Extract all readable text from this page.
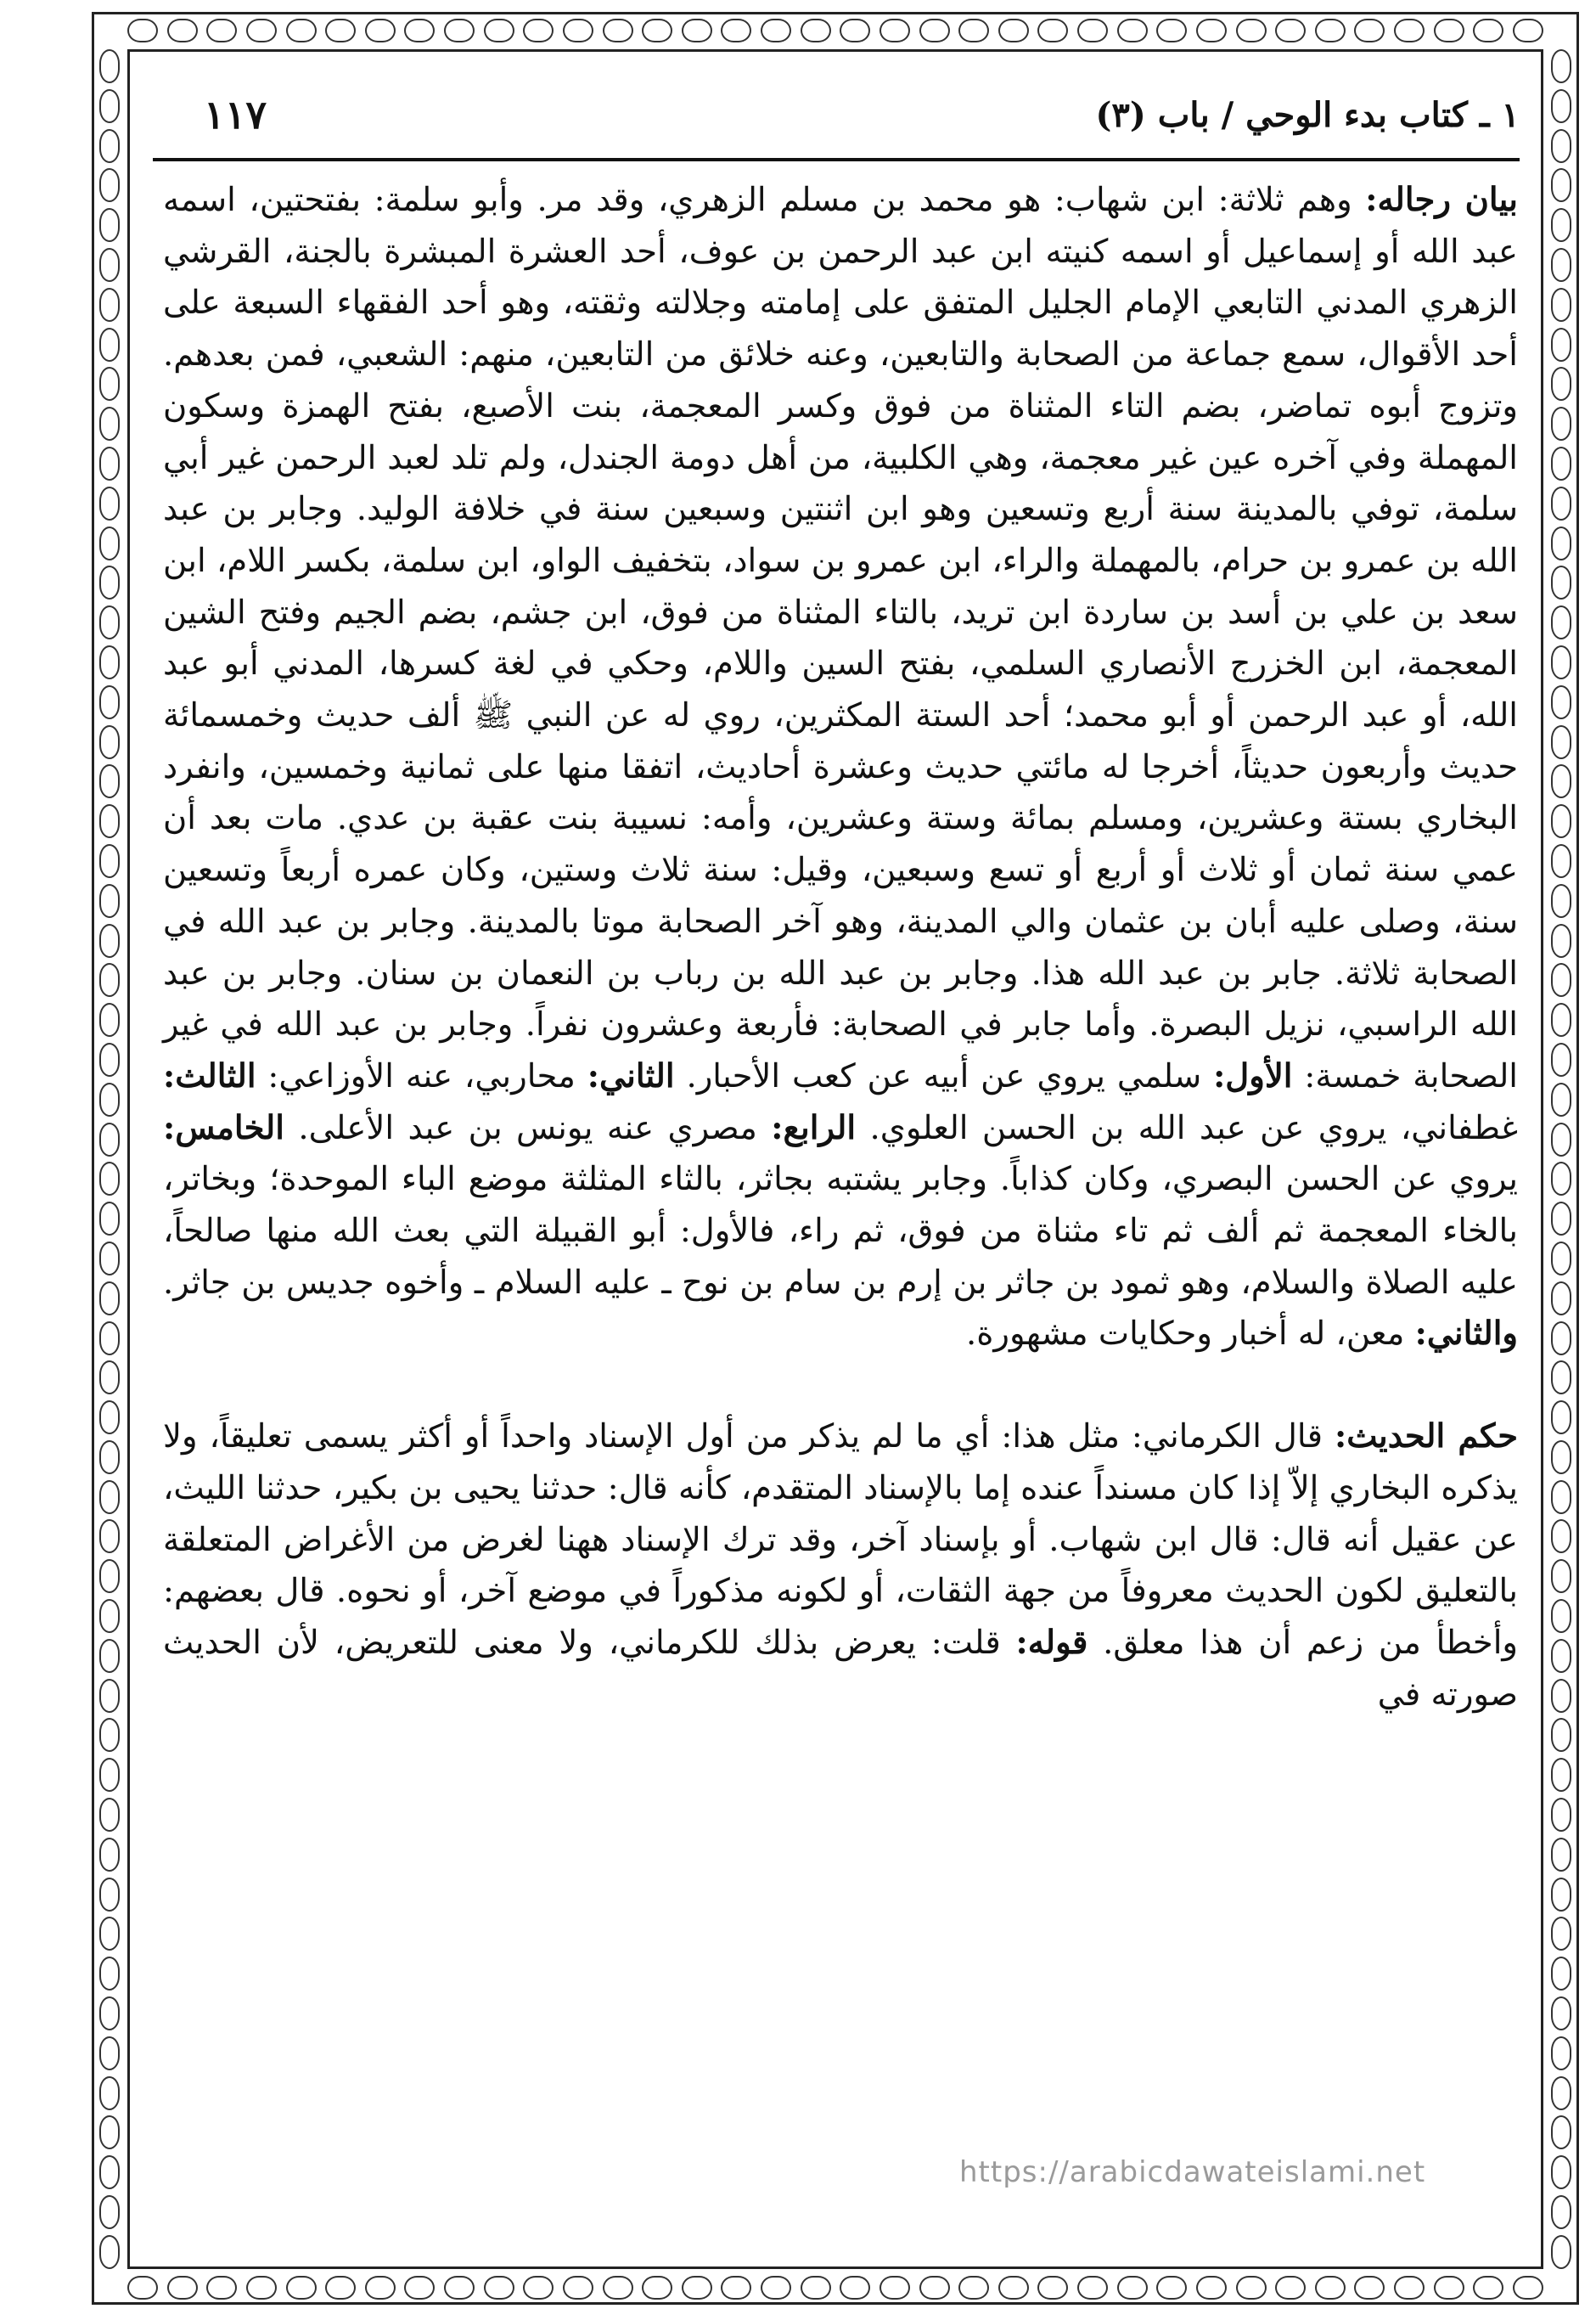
١ ـ كتاب بدء الوحي / باب (٣)
١١٧

بيان رجاله: وهم ثلاثة: ابن شهاب: هو محمد بن مسلم الزهري، وقد مر. وأبو سلمة: بفتحتين، اسمه عبد الله أو إسماعيل أو اسمه كنيته ابن عبد الرحمن بن عوف، أحد العشرة المبشرة بالجنة، القرشي الزهري المدني التابعي الإمام الجليل المتفق على إمامته وجلالته وثقته، وهو أحد الفقهاء السبعة على أحد الأقوال، سمع جماعة من الصحابة والتابعين، وعنه خلائق من التابعين، منهم: الشعبي، فمن بعدهم. وتزوج أبوه تماضر، بضم التاء المثناة من فوق وكسر المعجمة، بنت الأصبع، بفتح الهمزة وسكون المهملة وفي آخره عين غير معجمة، وهي الكلبية، من أهل دومة الجندل، ولم تلد لعبد الرحمن غير أبي سلمة، توفي بالمدينة سنة أربع وتسعين وهو ابن اثنتين وسبعين سنة في خلافة الوليد. وجابر بن عبد الله بن عمرو بن حرام، بالمهملة والراء، ابن عمرو بن سواد، بتخفيف الواو، ابن سلمة، بكسر اللام، ابن سعد بن علي بن أسد بن ساردة ابن تريد، بالتاء المثناة من فوق، ابن جشم، بضم الجيم وفتح الشين المعجمة، ابن الخزرج الأنصاري السلمي، بفتح السين واللام، وحكي في لغة كسرها، المدني أبو عبد الله، أو عبد الرحمن أو أبو محمد؛ أحد الستة المكثرين، روي له عن النبي ﷺ ألف حديث وخمسمائة حديث وأربعون حديثاً، أخرجا له مائتي حديث وعشرة أحاديث، اتفقا منها على ثمانية وخمسين، وانفرد البخاري بستة وعشرين، ومسلم بمائة وستة وعشرين، وأمه: نسيبة بنت عقبة بن عدي. مات بعد أن عمي سنة ثمان أو ثلاث أو أربع أو تسع وسبعين، وقيل: سنة ثلاث وستين، وكان عمره أربعاً وتسعين سنة، وصلى عليه أبان بن عثمان والي المدينة، وهو آخر الصحابة موتا بالمدينة. وجابر بن عبد الله في الصحابة ثلاثة. جابر بن عبد الله هذا. وجابر بن عبد الله بن رباب بن النعمان بن سنان. وجابر بن عبد الله الراسبي، نزيل البصرة. وأما جابر في الصحابة: فأربعة وعشرون نفراً. وجابر بن عبد الله في غير الصحابة خمسة: الأول: سلمي يروي عن أبيه عن كعب الأحبار. الثاني: محاربي، عنه الأوزاعي: الثالث: غطفاني، يروي عن عبد الله بن الحسن العلوي. الرابع: مصري عنه يونس بن عبد الأعلى. الخامس: يروي عن الحسن البصري، وكان كذاباً. وجابر يشتبه بجاثر، بالثاء المثلثة موضع الباء الموحدة؛ وبخاتر، بالخاء المعجمة ثم ألف ثم تاء مثناة من فوق، ثم راء، فالأول: أبو القبيلة التي بعث الله منها صالحاً، عليه الصلاة والسلام، وهو ثمود بن جاثر بن إرم بن سام بن نوح ـ عليه السلام ـ وأخوه جديس بن جاثر. والثاني: معن، له أخبار وحكايات مشهورة.

حكم الحديث: قال الكرماني: مثل هذا: أي ما لم يذكر من أول الإسناد واحداً أو أكثر يسمى تعليقاً، ولا يذكره البخاري إلاّ إذا كان مسنداً عنده إما بالإسناد المتقدم، كأنه قال: حدثنا يحيى بن بكير، حدثنا الليث، عن عقيل أنه قال: قال ابن شهاب. أو بإسناد آخر، وقد ترك الإسناد ههنا لغرض من الأغراض المتعلقة بالتعليق لكون الحديث معروفاً من جهة الثقات، أو لكونه مذكوراً في موضع آخر، أو نحوه. قال بعضهم: وأخطأ من زعم أن هذا معلق. قوله: قلت: يعرض بذلك للكرماني، ولا معنى للتعريض، لأن الحديث صورته في

https://arabicdawateislami.net
